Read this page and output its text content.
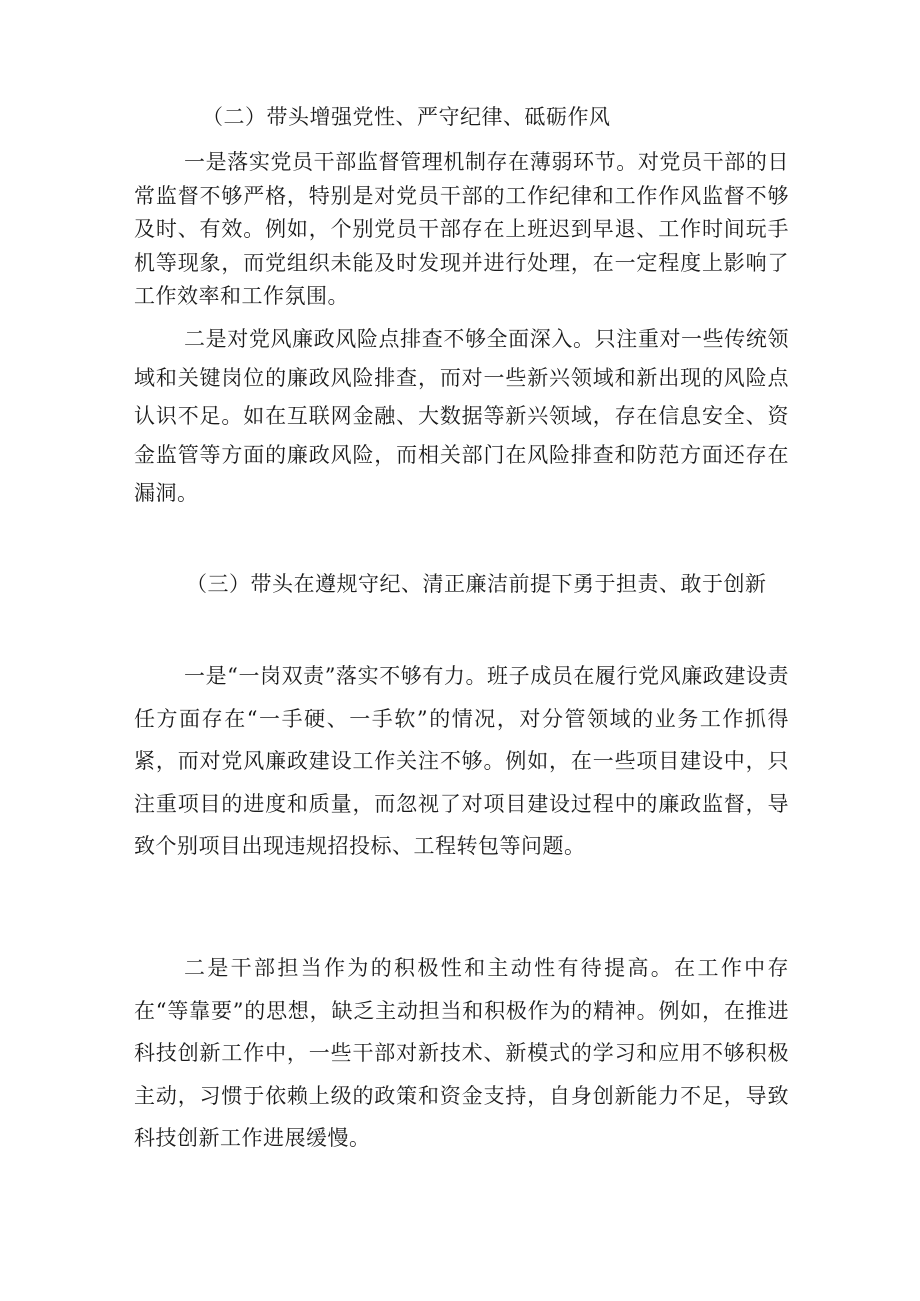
（二）带头增强党性、严守纪律、砥砺作风

一是落实党员干部监督管理机制存在薄弱环节。对党员干部的日常监督不够严格，特别是对党员干部的工作纪律和工作作风监督不够及时、有效。例如，个别党员干部存在上班迟到早退、工作时间玩手机等现象，而党组织未能及时发现并进行处理，在一定程度上影响了工作效率和工作氛围。

二是对党风廉政风险点排查不够全面深入。只注重对一些传统领域和关键岗位的廉政风险排查，而对一些新兴领域和新出现的风险点认识不足。如在互联网金融、大数据等新兴领域，存在信息安全、资金监管等方面的廉政风险，而相关部门在风险排查和防范方面还存在漏洞。

（三）带头在遵规守纪、清正廉洁前提下勇于担责、敢于创新

一是“一岗双责”落实不够有力。班子成员在履行党风廉政建设责任方面存在“一手硬、一手软”的情况，对分管领域的业务工作抓得紧，而对党风廉政建设工作关注不够。例如，在一些项目建设中，只注重项目的进度和质量，而忽视了对项目建设过程中的廉政监督，导致个别项目出现违规招投标、工程转包等问题。

二是干部担当作为的积极性和主动性有待提高。在工作中存在“等靠要”的思想，缺乏主动担当和积极作为的精神。例如，在推进科技创新工作中，一些干部对新技术、新模式的学习和应用不够积极主动，习惯于依赖上级的政策和资金支持，自身创新能力不足，导致科技创新工作进展缓慢。
